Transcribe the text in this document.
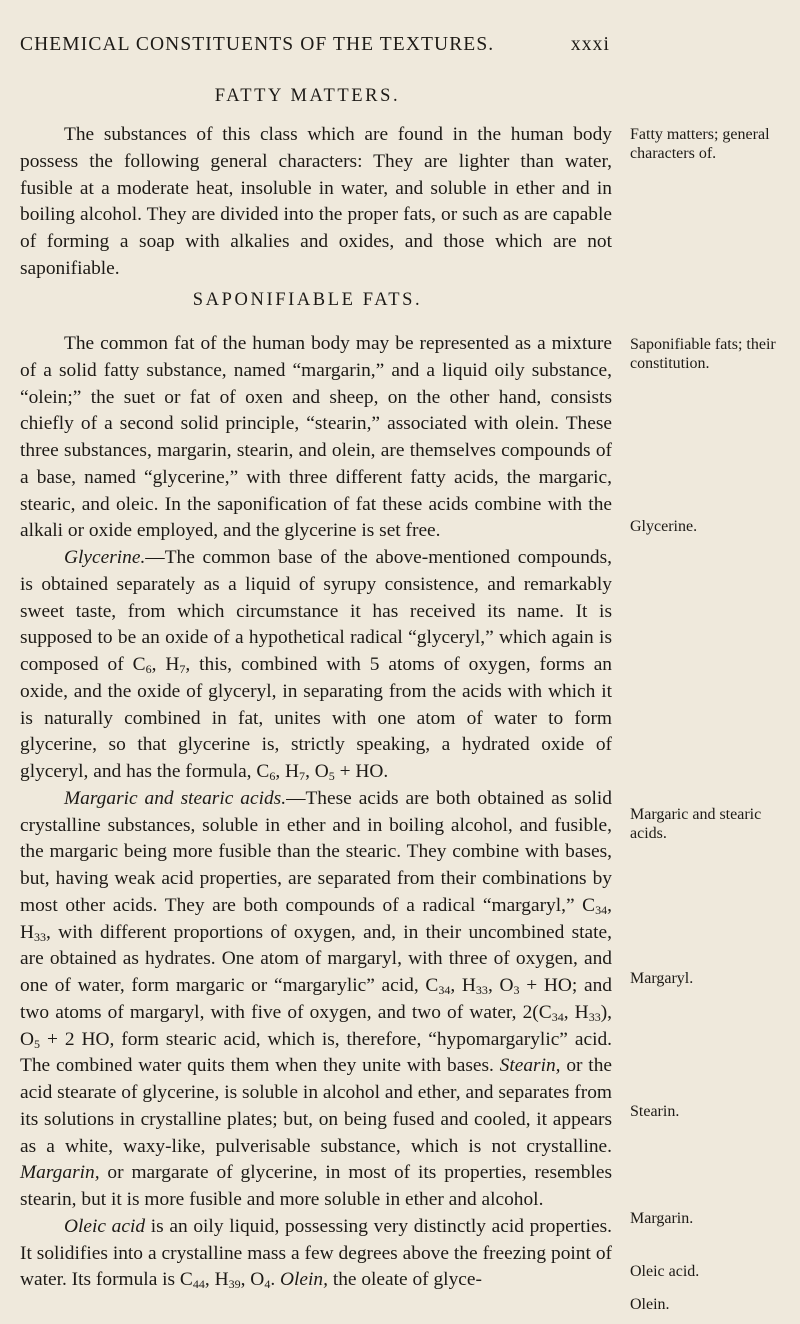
CHEMICAL CONSTITUENTS OF THE TEXTURES.	xxxi
FATTY MATTERS.

The substances of this class which are found in the human body possess the following general characters: They are lighter than water, fusible at a moderate heat, insoluble in water, and soluble in ether and in boiling alcohol. They are divided into the proper fats, or such as are capable of forming a soap with alkalies and oxides, and those which are not saponifiable.

SAPONIFIABLE FATS.

The common fat of the human body may be represented as a mixture of a solid fatty substance, named “margarin,” and a liquid oily substance, “olein;” the suet or fat of oxen and sheep, on the other hand, consists chiefly of a second solid principle, “stearin,” associated with olein. These three substances, margarin, stearin, and olein, are themselves compounds of a base, named “glycerine,” with three different fatty acids, the margaric, stearic, and oleic. In the saponification of fat these acids combine with the alkali or oxide employed, and the glycerine is set free.

Glycerine.—The common base of the above-mentioned compounds, is obtained separately as a liquid of syrupy consistence, and remarkably sweet taste, from which circumstance it has received its name. It is supposed to be an oxide of a hypothetical radical “glyceryl,” which again is composed of $C_6$, $H_7$, this, combined with 5 atoms of oxygen, forms an oxide, and the oxide of glyceryl, in separating from the acids with which it is naturally combined in fat, unites with one atom of water to form glycerine, so that glycerine is, strictly speaking, a hydrated oxide of glyceryl, and has the formula, $C_6$, $H_7$, $O_5$ + HO.

Margaric and stearic acids.—These acids are both obtained as solid crystalline substances, soluble in ether and in boiling alcohol, and fusible, the margaric being more fusible than the stearic. They combine with bases, but, having weak acid properties, are separated from their combinations by most other acids. They are both compounds of a radical “margaryl,” $C_{34}$, $H_{33}$, with different proportions of oxygen, and, in their uncombined state, are obtained as hydrates. One atom of margaryl, with three of oxygen, and one of water, form margaric or “margarylic” acid, $C_{34}$, $H_{33}$, $O_3$ + HO; and two atoms of margaryl, with five of oxygen, and two of water, $2(C_{34}$, $H_{33}$), $O_5 + 2$ HO, form stearic acid, which is, therefore, “hypomargarylic” acid. The combined water quits them when they unite with bases. Stearin, or the acid stearate of glycerine, is soluble in alcohol and ether, and separates from its solutions in crystalline plates; but, on being fused and cooled, it appears as a white, waxy-like, pulverisable substance, which is not crystalline. Margarin, or margarate of glycerine, in most of its properties, resembles stearin, but it is more fusible and more soluble in ether and alcohol.

Oleic acid is an oily liquid, possessing very distinctly acid properties. It solidifies into a crystalline mass a few degrees above the freezing point of water. Its formula is $C_{44}$, $H_{39}$, $O_4$. Olein, the oleate of glyce-

Fatty matters; general characters of.
Saponifiable fats; their constitution.
Glycerine.
Margaric and stearic acids.
Margaryl.
Stearin.
Margarin.
Oleic acid.
Olein.
